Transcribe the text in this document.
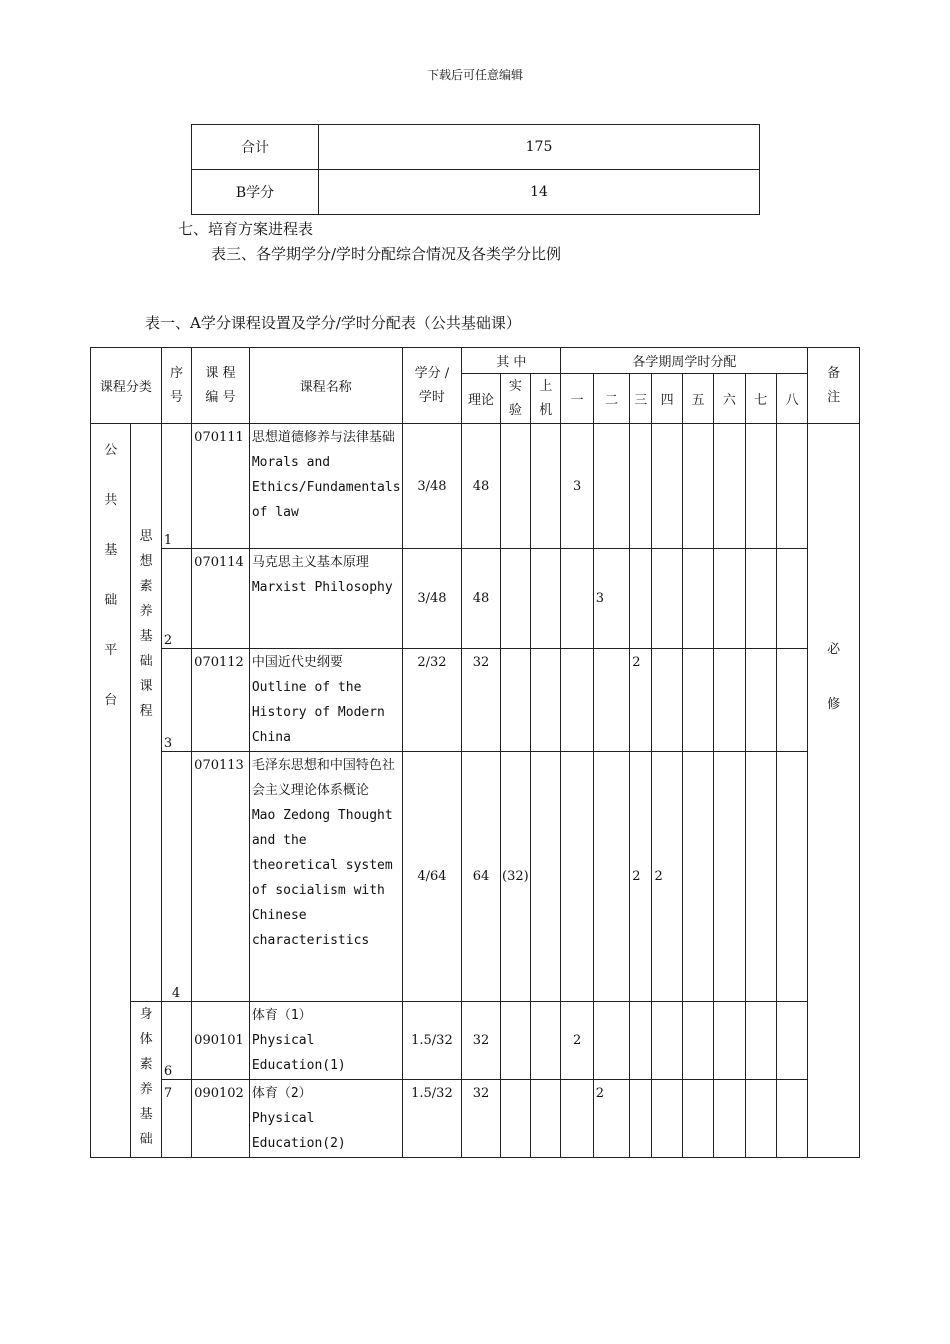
下载后可任意编辑
合计	175
B学分	14
七、培育方案进程表
表三、各学期学分/学时分配综合情况及各类学分比例
表一、A学分课程设置及学分/学时分配表（公共基础课）
课程分类		序号	课 程 编 号	课程名称	学分 /学时	其 中			各学期周学时分配								备注

						理论	实验	上机	一	二	三	四	五	六	七	八	

公共基础平台	思想素养基础课程	1	070111	思想道德修养与法律基础
Morals and Ethics/Fundamentals of law	3/48	48			3								必修

		2	070114	马克思主义基本原理
Marxist Philosophy	3/48	48				3							
		3	070112	中国近代史纲要
Outline of the History of Modern China	2/32	32					2						
		4	070113	毛泽东思想和中国特色社会主义理论体系概论
Mao Zedong Thought and the theoretical system of socialism with Chinese characteristics	4/64	64	(32)				2	2					

	身体素养基础	6	090101	体育（1）
Physical Education(1)	1.5/32	32			2								
		7	090102	体育（2）
Physical Education(2)	1.5/32	32				2							
